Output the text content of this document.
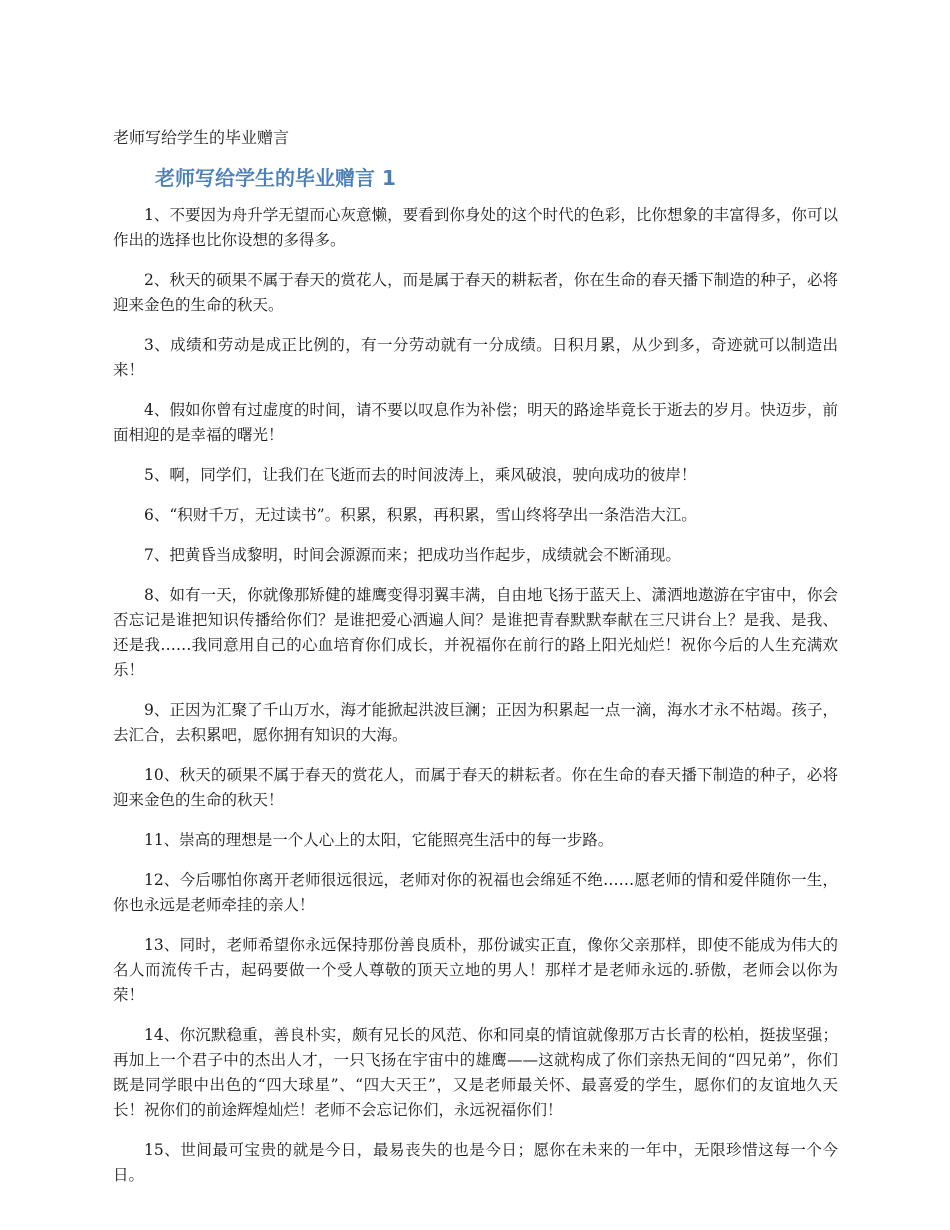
老师写给学生的毕业赠言
老师写给学生的毕业赠言 1

1、不要因为舟升学无望而心灰意懒，要看到你身处的这个时代的色彩，比你想象的丰富得多，你可以作出的选择也比你设想的多得多。

2、秋天的硕果不属于春天的赏花人，而是属于春天的耕耘者，你在生命的春天播下制造的种子，必将迎来金色的生命的秋天。

3、成绩和劳动是成正比例的，有一分劳动就有一分成绩。日积月累，从少到多，奇迹就可以制造出来！

4、假如你曾有过虚度的时间，请不要以叹息作为补偿；明天的路途毕竟长于逝去的岁月。快迈步，前面相迎的是幸福的曙光！

5、啊，同学们，让我们在飞逝而去的时间波涛上，乘风破浪，驶向成功的彼岸！

6、“积财千万，无过读书”。积累，积累，再积累，雪山终将孕出一条浩浩大江。

7、把黄昏当成黎明，时间会源源而来；把成功当作起步，成绩就会不断涌现。

8、如有一天，你就像那矫健的雄鹰变得羽翼丰满，自由地飞扬于蓝天上、潇洒地遨游在宇宙中，你会否忘记是谁把知识传播给你们？是谁把爱心洒遍人间？是谁把青春默默奉献在三尺讲台上？是我、是我、还是我……我同意用自己的心血培育你们成长，并祝福你在前行的路上阳光灿烂！祝你今后的人生充满欢乐！

9、正因为汇聚了千山万水，海才能掀起洪波巨澜；正因为积累起一点一滴，海水才永不枯竭。孩子，去汇合，去积累吧，愿你拥有知识的大海。

10、秋天的硕果不属于春天的赏花人，而属于春天的耕耘者。你在生命的春天播下制造的种子，必将迎来金色的生命的秋天！

11、崇高的理想是一个人心上的太阳，它能照亮生活中的每一步路。

12、今后哪怕你离开老师很远很远，老师对你的祝福也会绵延不绝……愿老师的情和爱伴随你一生，你也永远是老师牵挂的亲人！

13、同时，老师希望你永远保持那份善良质朴，那份诚实正直，像你父亲那样，即使不能成为伟大的名人而流传千古，起码要做一个受人尊敬的顶天立地的男人！那样才是老师永远的.骄傲，老师会以你为荣！

14、你沉默稳重，善良朴实，颇有兄长的风范、你和同桌的情谊就像那万古长青的松柏，挺拔坚强；再加上一个君子中的杰出人才，一只飞扬在宇宙中的雄鹰——这就构成了你们亲热无间的“四兄弟”，你们既是同学眼中出色的“四大球星”、“四大天王”，又是老师最关怀、最喜爱的学生，愿你们的友谊地久天长！祝你们的前途辉煌灿烂！老师不会忘记你们，永远祝福你们！

15、世间最可宝贵的就是今日，最易丧失的也是今日；愿你在未来的一年中，无限珍惜这每一个今日。
